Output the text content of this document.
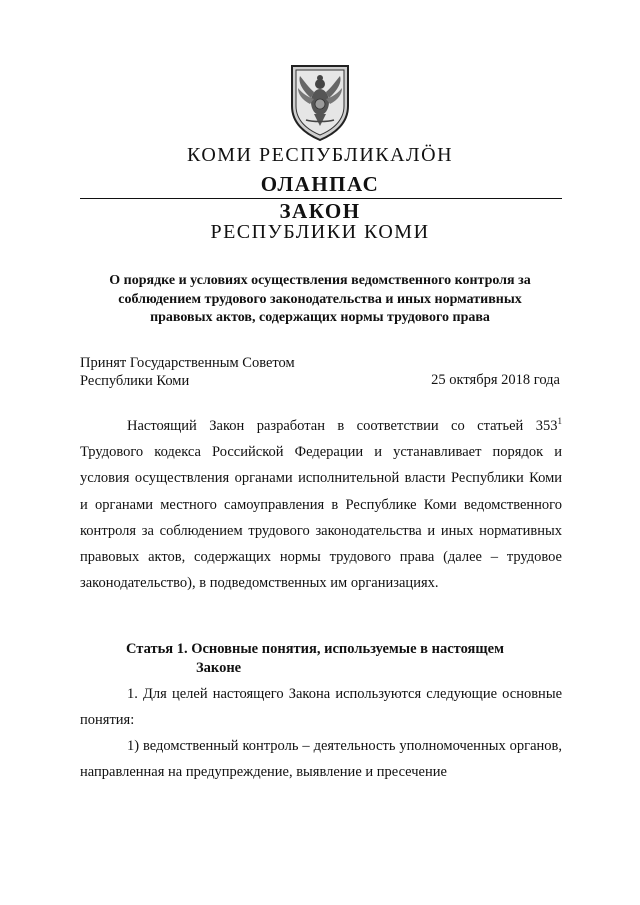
КОМИ РЕСПУБЛИКАЛӦН
ОЛАНПАС
ЗАКОН
РЕСПУБЛИКИ КОМИ
О порядке и условиях осуществления ведомственного контроля за соблюдением трудового законодательства и иных нормативных правовых актов, содержащих нормы трудового права
Принят Государственным Советом
Республики Коми	25 октября 2018 года
Настоящий Закон разработан в соответствии со статьей $353^1$ Трудового кодекса Российской Федерации и устанавливает порядок и условия осуществления органами исполнительной власти Республики Коми и органами местного самоуправления в Республике Коми ведомственного контроля за соблюдением трудового законодательства и иных нормативных правовых актов, содержащих нормы трудового права (далее – трудовое законодательство), в подведомственных им организациях.
Статья 1. Основные понятия, используемые в настоящем
Законе
1. Для целей настоящего Закона используются следующие основные понятия:
1) ведомственный контроль – деятельность уполномоченных органов, направленная на предупреждение, выявление и пресечение
